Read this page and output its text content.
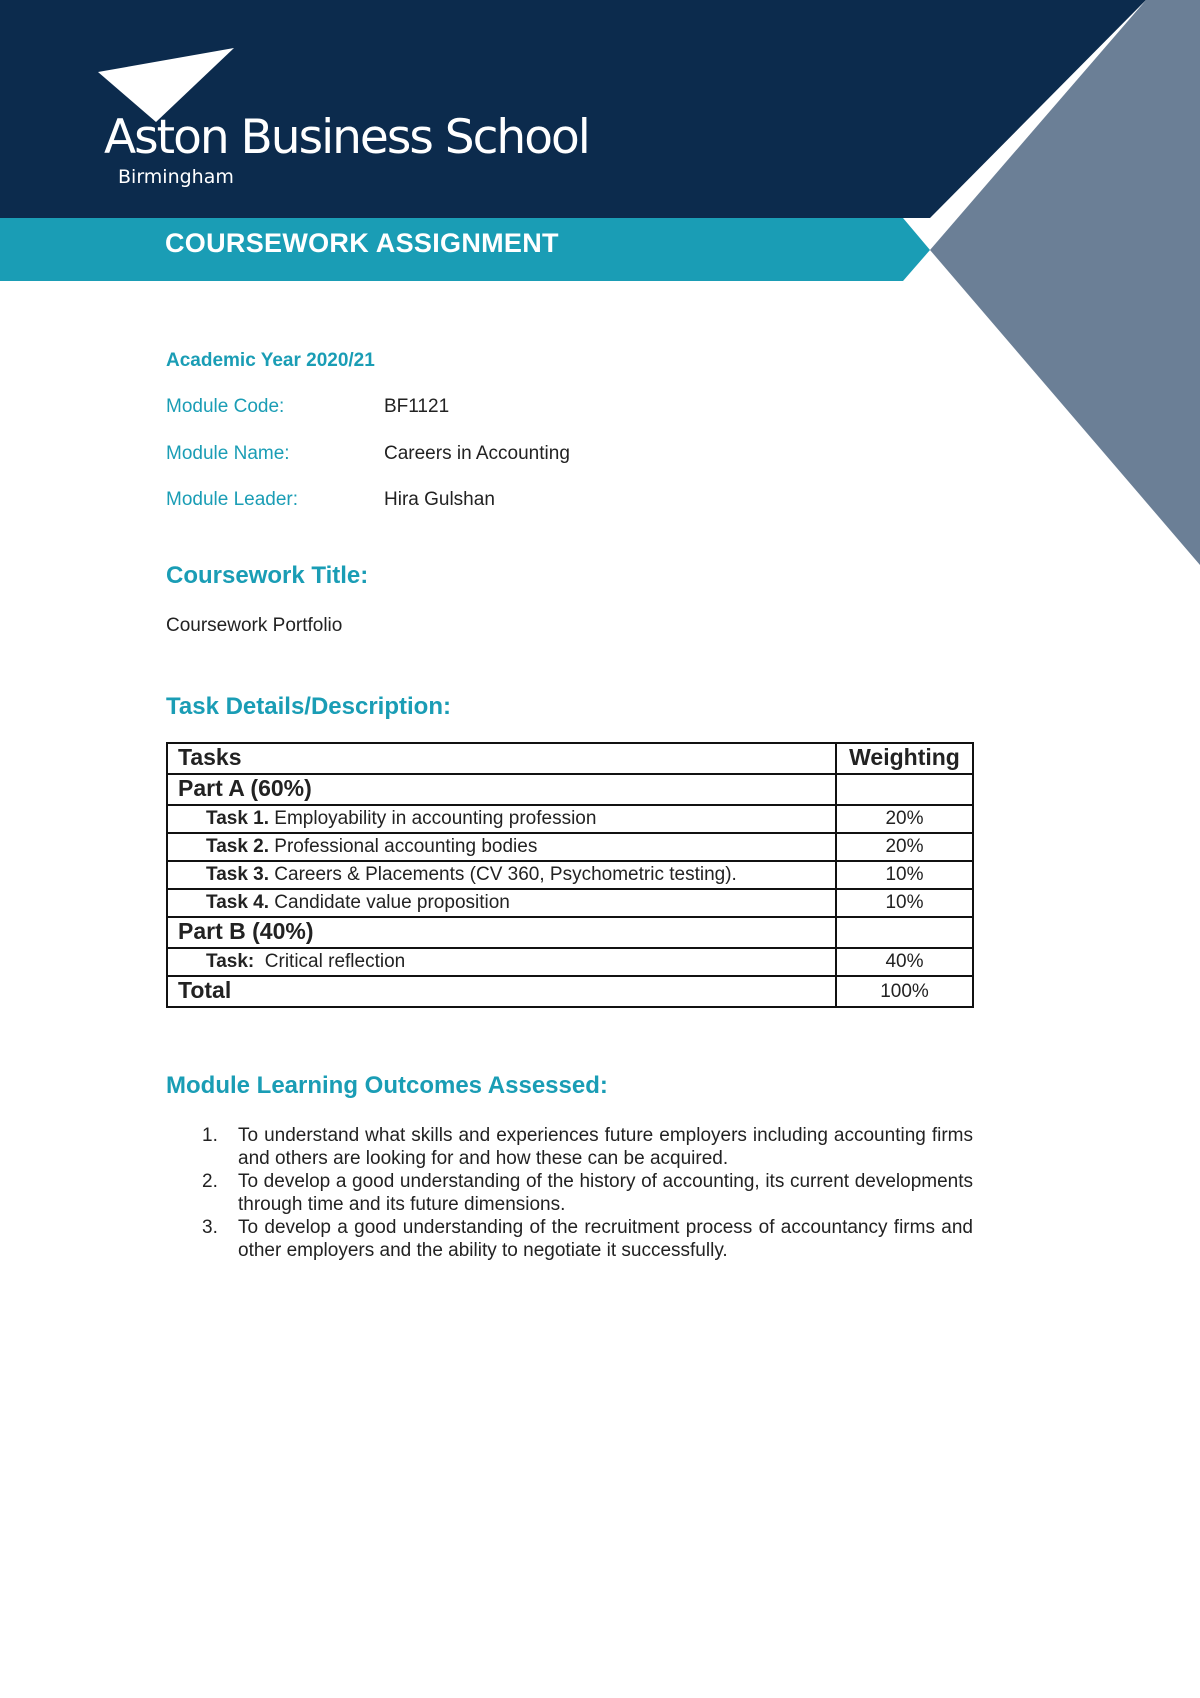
Aston Business School
Birmingham
COURSEWORK ASSIGNMENT
Academic Year 2020/21
Module Code:	BF1121
Module Name:	Careers in Accounting
Module Leader:	Hira Gulshan
Coursework Title:
Coursework Portfolio
Task Details/Description:
Tasks	Weighting
Part A (60%)	
Task 1. Employability in accounting profession	20%
Task 2. Professional accounting bodies	20%
Task 3. Careers & Placements (CV 360, Psychometric testing).	10%
Task 4. Candidate value proposition	10%
Part B (40%)	
Task:  Critical reflection	40%
Total	100%
Module Learning Outcomes Assessed:
1. To understand what skills and experiences future employers including accounting firms and others are looking for and how these can be acquired.
2. To develop a good understanding of the history of accounting, its current developments through time and its future dimensions.
3. To develop a good understanding of the recruitment process of accountancy firms and other employers and the ability to negotiate it successfully.
